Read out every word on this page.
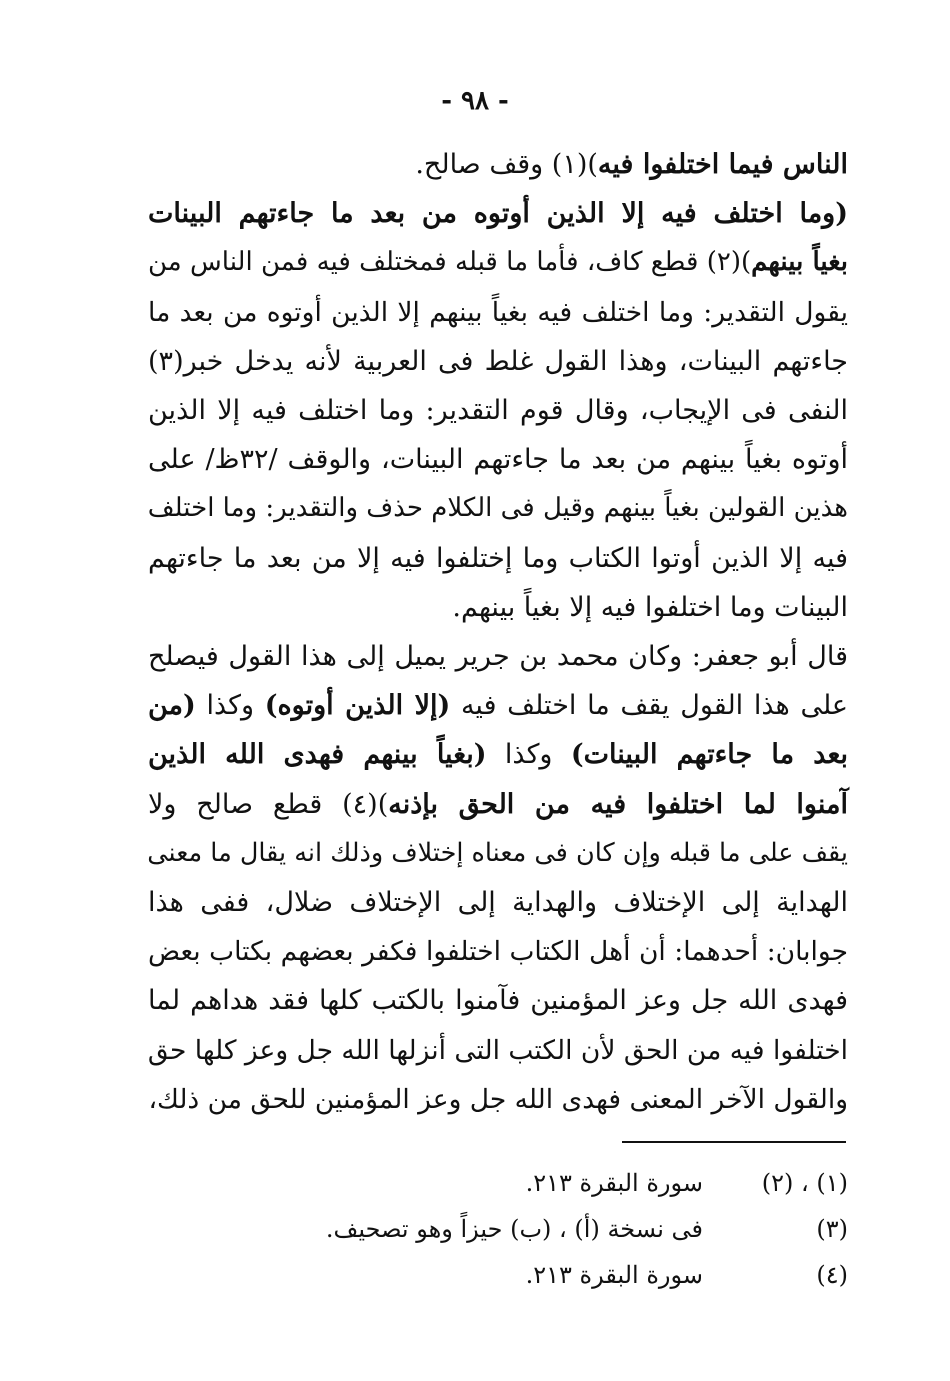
- ٩٨ -
الناس فيما اختلفوا فيه)(١) وقف صالح.
(وما اختلف فيه إلا الذين أوتوه من بعد ما جاءتهم البينات
بغياً بينهم)(٢) قطع كاف، فأما ما قبله فمختلف فيه فمن الناس من
يقول التقدير: وما اختلف فيه بغياً بينهم إلا الذين أوتوه من بعد ما
جاءتهم البينات، وهذا القول غلط فى العربية لأنه يدخل خبر(٣)
النفى فى الإيجاب، وقال قوم التقدير: وما اختلف فيه إلا الذين
أوتوه بغياً بينهم من بعد ما جاءتهم البينات، والوقف /٣٢ظ/ على
هذين القولين بغياً بينهم وقيل فى الكلام حذف والتقدير: وما اختلف
فيه إلا الذين أوتوا الكتاب وما إختلفوا فيه إلا من بعد ما جاءتهم
البينات وما اختلفوا فيه إلا بغياً بينهم.
قال أبو جعفر: وكان محمد بن جرير يميل إلى هذا القول فيصلح
على هذا القول يقف ما اختلف فيه (إلا الذين أوتوه) وكذا (من
بعد ما جاءتهم البينات) وكذا (بغياً بينهم فهدى الله الذين
آمنوا لما اختلفوا فيه من الحق بإذنه)(٤) قطع صالح ولا
يقف على ما قبله وإن كان فى معناه إختلاف وذلك انه يقال ما معنى
الهداية إلى الإختلاف والهداية إلى الإختلاف ضلال، ففى هذا
جوابان: أحدهما: أن أهل الكتاب اختلفوا فكفر بعضهم بكتاب بعض
فهدى الله جل وعز المؤمنين فآمنوا بالكتب كلها فقد هداهم لما
اختلفوا فيه من الحق لأن الكتب التى أنزلها الله جل وعز كلها حق
والقول الآخر المعنى فهدى الله جل وعز المؤمنين للحق من ذلك،
(١) ، (٢)سورة البقرة ٢١٣.
(٣)فى نسخة (أ) ، (ب) حيزاً وهو تصحيف.
(٤)سورة البقرة ٢١٣.
